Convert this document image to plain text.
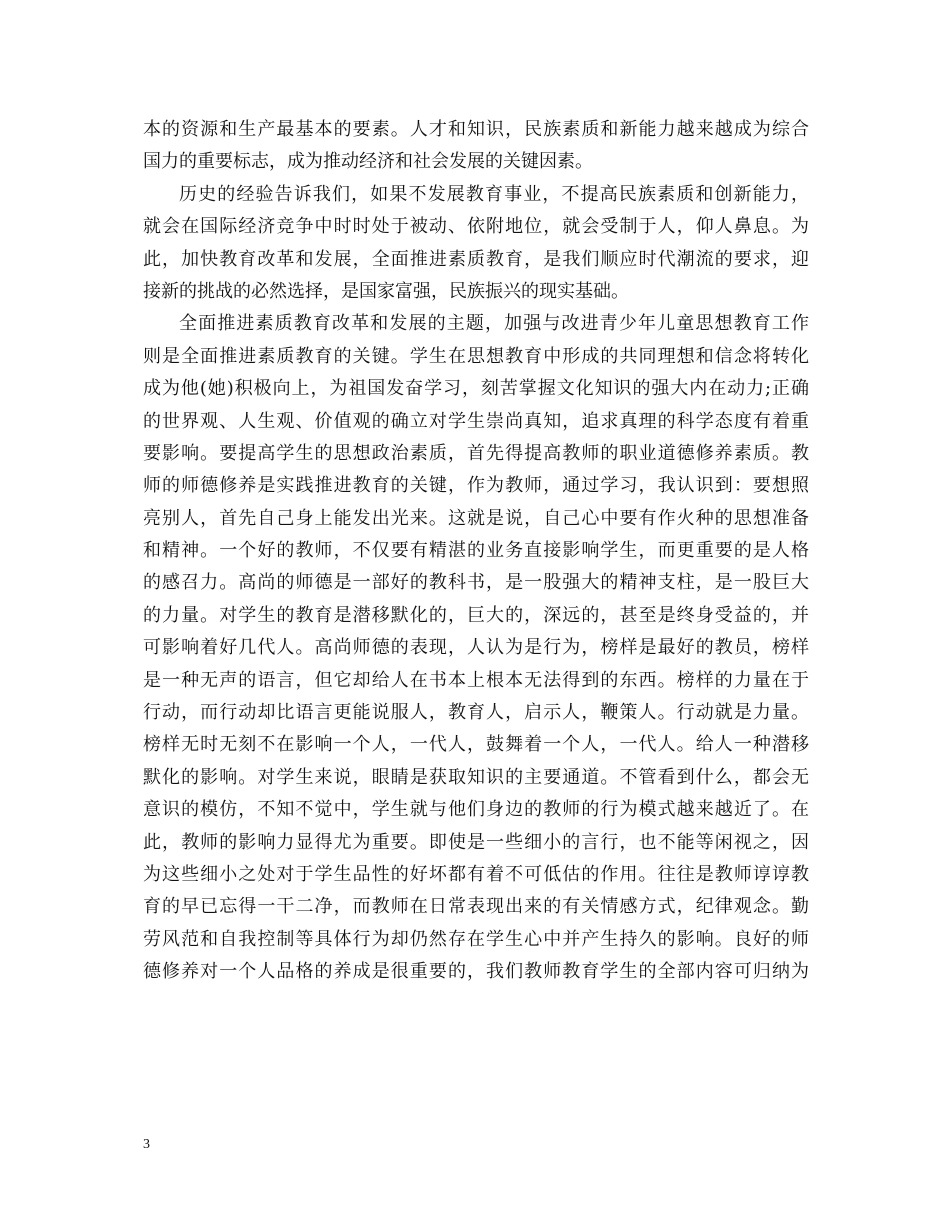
本的资源和生产最基本的要素。人才和知识，民族素质和新能力越来越成为综合
国力的重要标志，成为推动经济和社会发展的关键因素。
历史的经验告诉我们，如果不发展教育事业，不提高民族素质和创新能力，
就会在国际经济竞争中时时处于被动、依附地位，就会受制于人，仰人鼻息。为
此，加快教育改革和发展，全面推进素质教育，是我们顺应时代潮流的要求，迎
接新的挑战的必然选择，是国家富强，民族振兴的现实基础。
全面推进素质教育改革和发展的主题，加强与改进青少年儿童思想教育工作
则是全面推进素质教育的关键。学生在思想教育中形成的共同理想和信念将转化
成为他(她)积极向上，为祖国发奋学习，刻苦掌握文化知识的强大内在动力;正确
的世界观、人生观、价值观的确立对学生崇尚真知，追求真理的科学态度有着重
要影响。要提高学生的思想政治素质，首先得提高教师的职业道德修养素质。教
师的师德修养是实践推进教育的关键，作为教师，通过学习，我认识到：要想照
亮别人，首先自己身上能发出光来。这就是说，自己心中要有作火种的思想准备
和精神。一个好的教师，不仅要有精湛的业务直接影响学生，而更重要的是人格
的感召力。高尚的师德是一部好的教科书，是一股强大的精神支柱，是一股巨大
的力量。对学生的教育是潜移默化的，巨大的，深远的，甚至是终身受益的，并
可影响着好几代人。高尚师德的表现，人认为是行为，榜样是最好的教员，榜样
是一种无声的语言，但它却给人在书本上根本无法得到的东西。榜样的力量在于
行动，而行动却比语言更能说服人，教育人，启示人，鞭策人。行动就是力量。
榜样无时无刻不在影响一个人，一代人，鼓舞着一个人，一代人。给人一种潜移
默化的影响。对学生来说，眼睛是获取知识的主要通道。不管看到什么，都会无
意识的模仿，不知不觉中，学生就与他们身边的教师的行为模式越来越近了。在
此，教师的影响力显得尤为重要。即使是一些细小的言行，也不能等闲视之，因
为这些细小之处对于学生品性的好坏都有着不可低估的作用。往往是教师谆谆教
育的早已忘得一干二净，而教师在日常表现出来的有关情感方式，纪律观念。勤
劳风范和自我控制等具体行为却仍然存在学生心中并产生持久的影响。良好的师
德修养对一个人品格的养成是很重要的，我们教师教育学生的全部内容可归纳为
3
